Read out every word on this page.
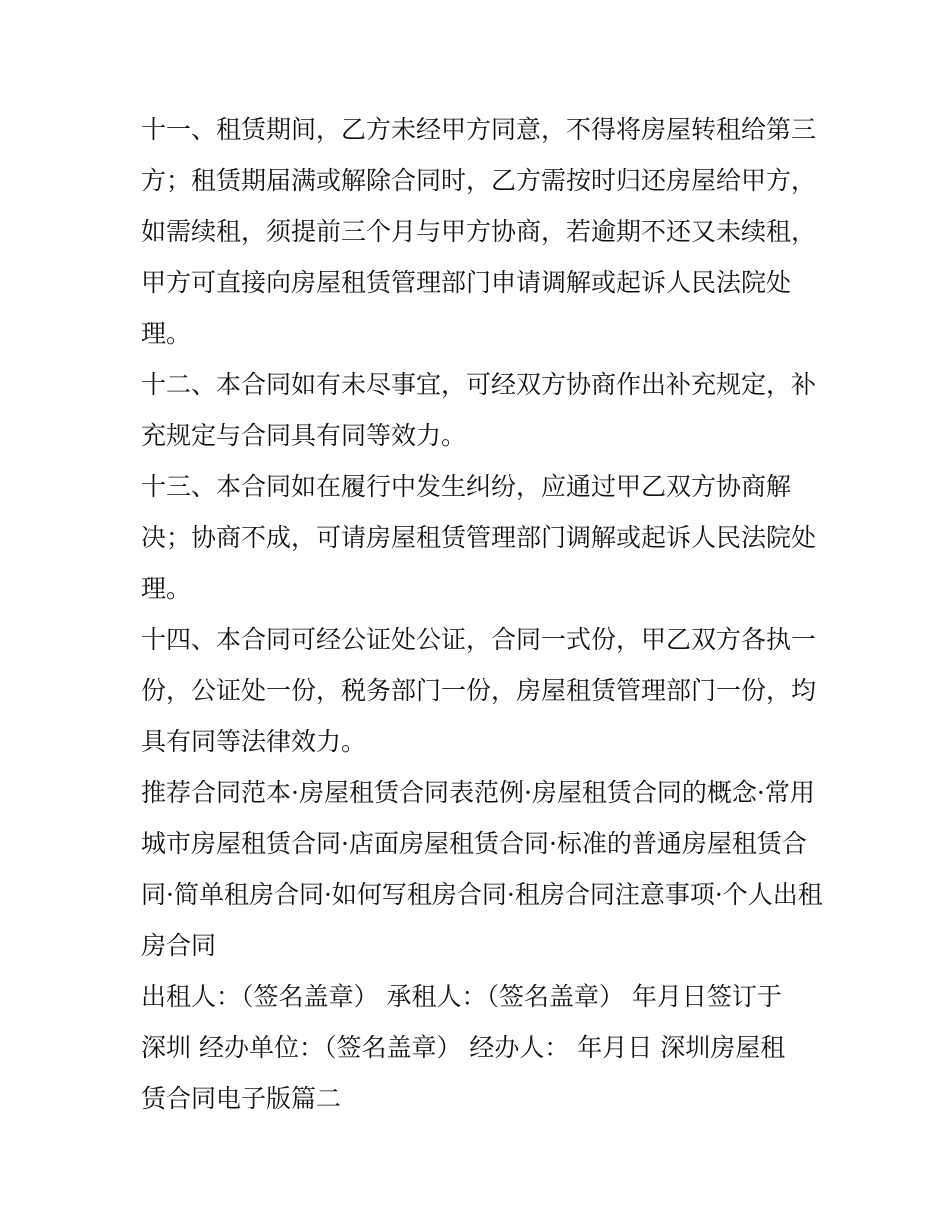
十一、租赁期间，乙方未经甲方同意，不得将房屋转租给第三
方；租赁期届满或解除合同时，乙方需按时归还房屋给甲方，
如需续租，须提前三个月与甲方协商，若逾期不还又未续租，
甲方可直接向房屋租赁管理部门申请调解或起诉人民法院处
理。

十二、本合同如有未尽事宜，可经双方协商作出补充规定，补
充规定与合同具有同等效力。

十三、本合同如在履行中发生纠纷，应通过甲乙双方协商解
决；协商不成，可请房屋租赁管理部门调解或起诉人民法院处
理。

十四、本合同可经公证处公证，合同一式份，甲乙双方各执一
份，公证处一份，税务部门一份，房屋租赁管理部门一份，均
具有同等法律效力。

推荐合同范本·房屋租赁合同表范例·房屋租赁合同的概念·常用
城市房屋租赁合同·店面房屋租赁合同·标准的普通房屋租赁合
同·简单租房合同·如何写租房合同·租房合同注意事项·个人出租
房合同

出租人：（签名盖章） 承租人：（签名盖章） 年月日签订于
深圳 经办单位：（签名盖章） 经办人： 年月日 深圳房屋租
赁合同电子版篇二
